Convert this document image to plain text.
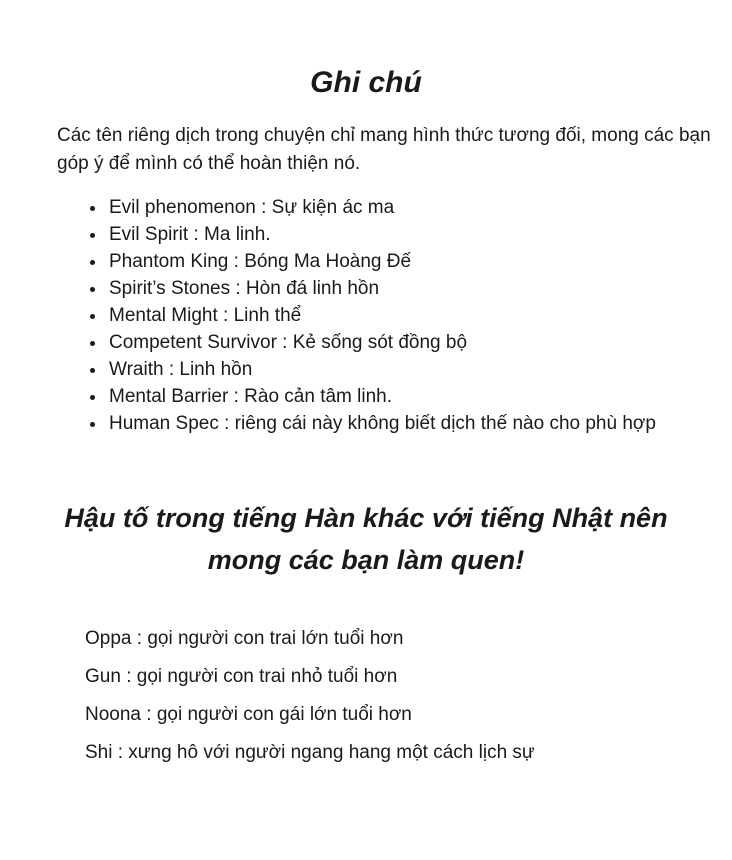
Ghi chú
Các tên riêng dịch trong chuyện chỉ mang hình thức tương đối, mong các bạn
góp ý để mình có thể hoàn thiện nó.
• Evil phenomenon : Sự kiện ác ma
• Evil Spirit : Ma linh.
• Phantom King : Bóng Ma Hoàng Đế
• Spirit’s Stones : Hòn đá linh hồn
• Mental Might : Linh thể
• Competent Survivor : Kẻ sống sót đồng bộ
• Wraith : Linh hồn
• Mental Barrier : Rào cản tâm linh.
• Human Spec : riêng cái này không biết dịch thế nào cho phù hợp
Hậu tố trong tiếng Hàn khác với tiếng Nhật nên
mong các bạn làm quen!

Oppa : gọi người con trai lớn tuổi hơn

Gun : gọi người con trai nhỏ tuổi hơn

Noona : gọi người con gái lớn tuổi hơn

Shi : xưng hô với người ngang hang một cách lịch sự
